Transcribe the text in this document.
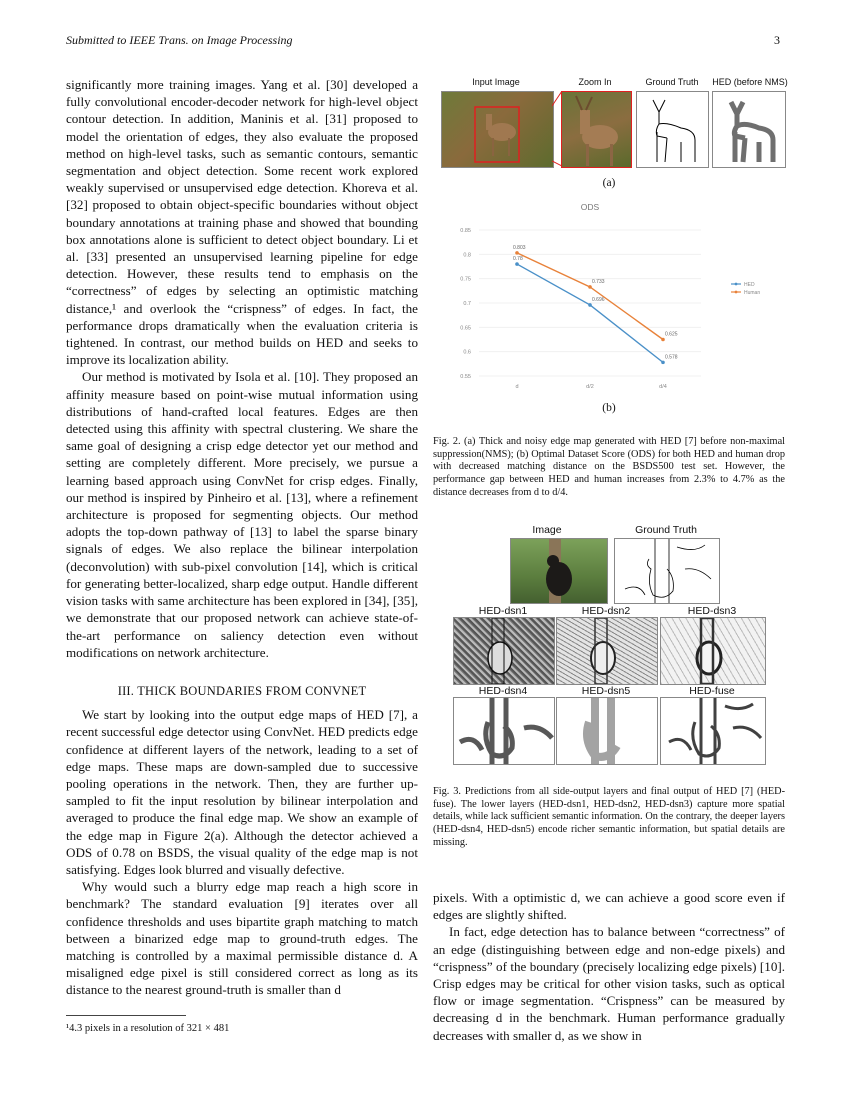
Submitted to IEEE Trans. on Image Processing	3

significantly more training images. Yang et al. [30] developed a fully convolutional encoder-decoder network for high-level object contour detection. In addition, Maninis et al. [31] proposed to model the orientation of edges, they also evaluate the proposed method on high-level tasks, such as semantic contours, semantic segmentation and object detection. Some recent work explored weakly supervised or unsupervised edge detection. Khoreva et al. [32] proposed to obtain object-specific boundaries without object boundary annotations at training phase and showed that bounding box annotations alone is sufficient to detect object boundary. Li et al. [33] presented an unsupervised learning pipeline for edge detection. However, these results tend to emphasis on the “correctness” of edges by selecting an optimistic matching distance,¹ and overlook the “crispness” of edges. In fact, the performance drops dramatically when the evaluation criteria is tightened. In contrast, our method builds on HED and seeks to improve its localization ability.

Our method is motivated by Isola et al. [10]. They proposed an affinity measure based on point-wise mutual information using distributions of hand-crafted local features. Edges are then detected using this affinity with spectral clustering. We share the same goal of designing a crisp edge detector yet our method and setting are completely different. More precisely, we pursue a learning based approach using ConvNet for crisp edges. Finally, our method is inspired by Pinheiro et al. [13], where a refinement architecture is proposed for segmenting objects. Our method adopts the top-down pathway of [13] to label the sparse binary signals of edges. We also replace the bilinear interpolation (deconvolution) with sub-pixel convolution [14], which is critical for generating better-localized, sharp edge output. Handle different vision tasks with same architecture has been explored in [34], [35], we demonstrate that our proposed network can achieve state-of-the-art performance on saliency detection even without modifications on network architecture.

III. THICK BOUNDARIES FROM CONVNET

We start by looking into the output edge maps of HED [7], a recent successful edge detector using ConvNet. HED predicts edge confidence at different layers of the network, leading to a set of edge maps. These maps are down-sampled due to successive pooling operations in the network. Then, they are further up-sampled to fit the input resolution by bilinear interpolation and averaged to produce the final edge map. We show an example of the edge map in Figure 2(a). Although the detector achieved a ODS of 0.78 on BSDS, the visual quality of the edge map is not satisfying. Edges look blurred and visually defective.

Why would such a blurry edge map reach a high score in benchmark? The standard evaluation [9] iterates over all confidence thresholds and uses bipartite graph matching to match between a binarized edge map to ground-truth edges. The matching is controlled by a maximal permissible distance d. A misaligned edge pixel is still considered correct as long as its distance to the nearest ground-truth is smaller than d

¹4.3 pixels in a resolution of 321 × 481
Input Image	Zoom In	Ground Truth	HED (before NMS)
(a)
ODS
0.55
0.6
0.65
0.7
0.75
0.8
0.85
d	d/2	d/4
0.78
0.696
0.578
HED
0.803
0.733
0.625
Human
(b)
Fig. 2. (a) Thick and noisy edge map generated with HED [7] before non-maximal suppression(NMS); (b) Optimal Dataset Score (ODS) for both HED and human drop with decreased matching distance on the BSDS500 test set. However, the performance gap between HED and human increases from 2.3% to 4.7% as the distance decreases from d to d/4.
Image	Ground Truth
HED-dsn1	HED-dsn2	HED-dsn3
HED-dsn4	HED-dsn5	HED-fuse
Fig. 3. Predictions from all side-output layers and final output of HED [7] (HED-fuse). The lower layers (HED-dsn1, HED-dsn2, HED-dsn3) capture more spatial details, while lack sufficient semantic information. On the contrary, the deeper layers (HED-dsn4, HED-dsn5) encode richer semantic information, but spatial details are missing.

pixels. With a optimistic d, we can achieve a good score even if edges are slightly shifted.

In fact, edge detection has to balance between “correctness” of an edge (distinguishing between edge and non-edge pixels) and “crispness” of the boundary (precisely localizing edge pixels) [10]. Crisp edges may be critical for other vision tasks, such as optical flow or image segmentation. “Crispness” can be measured by decreasing d in the benchmark. Human performance gradually decreases with smaller d, as we show in
